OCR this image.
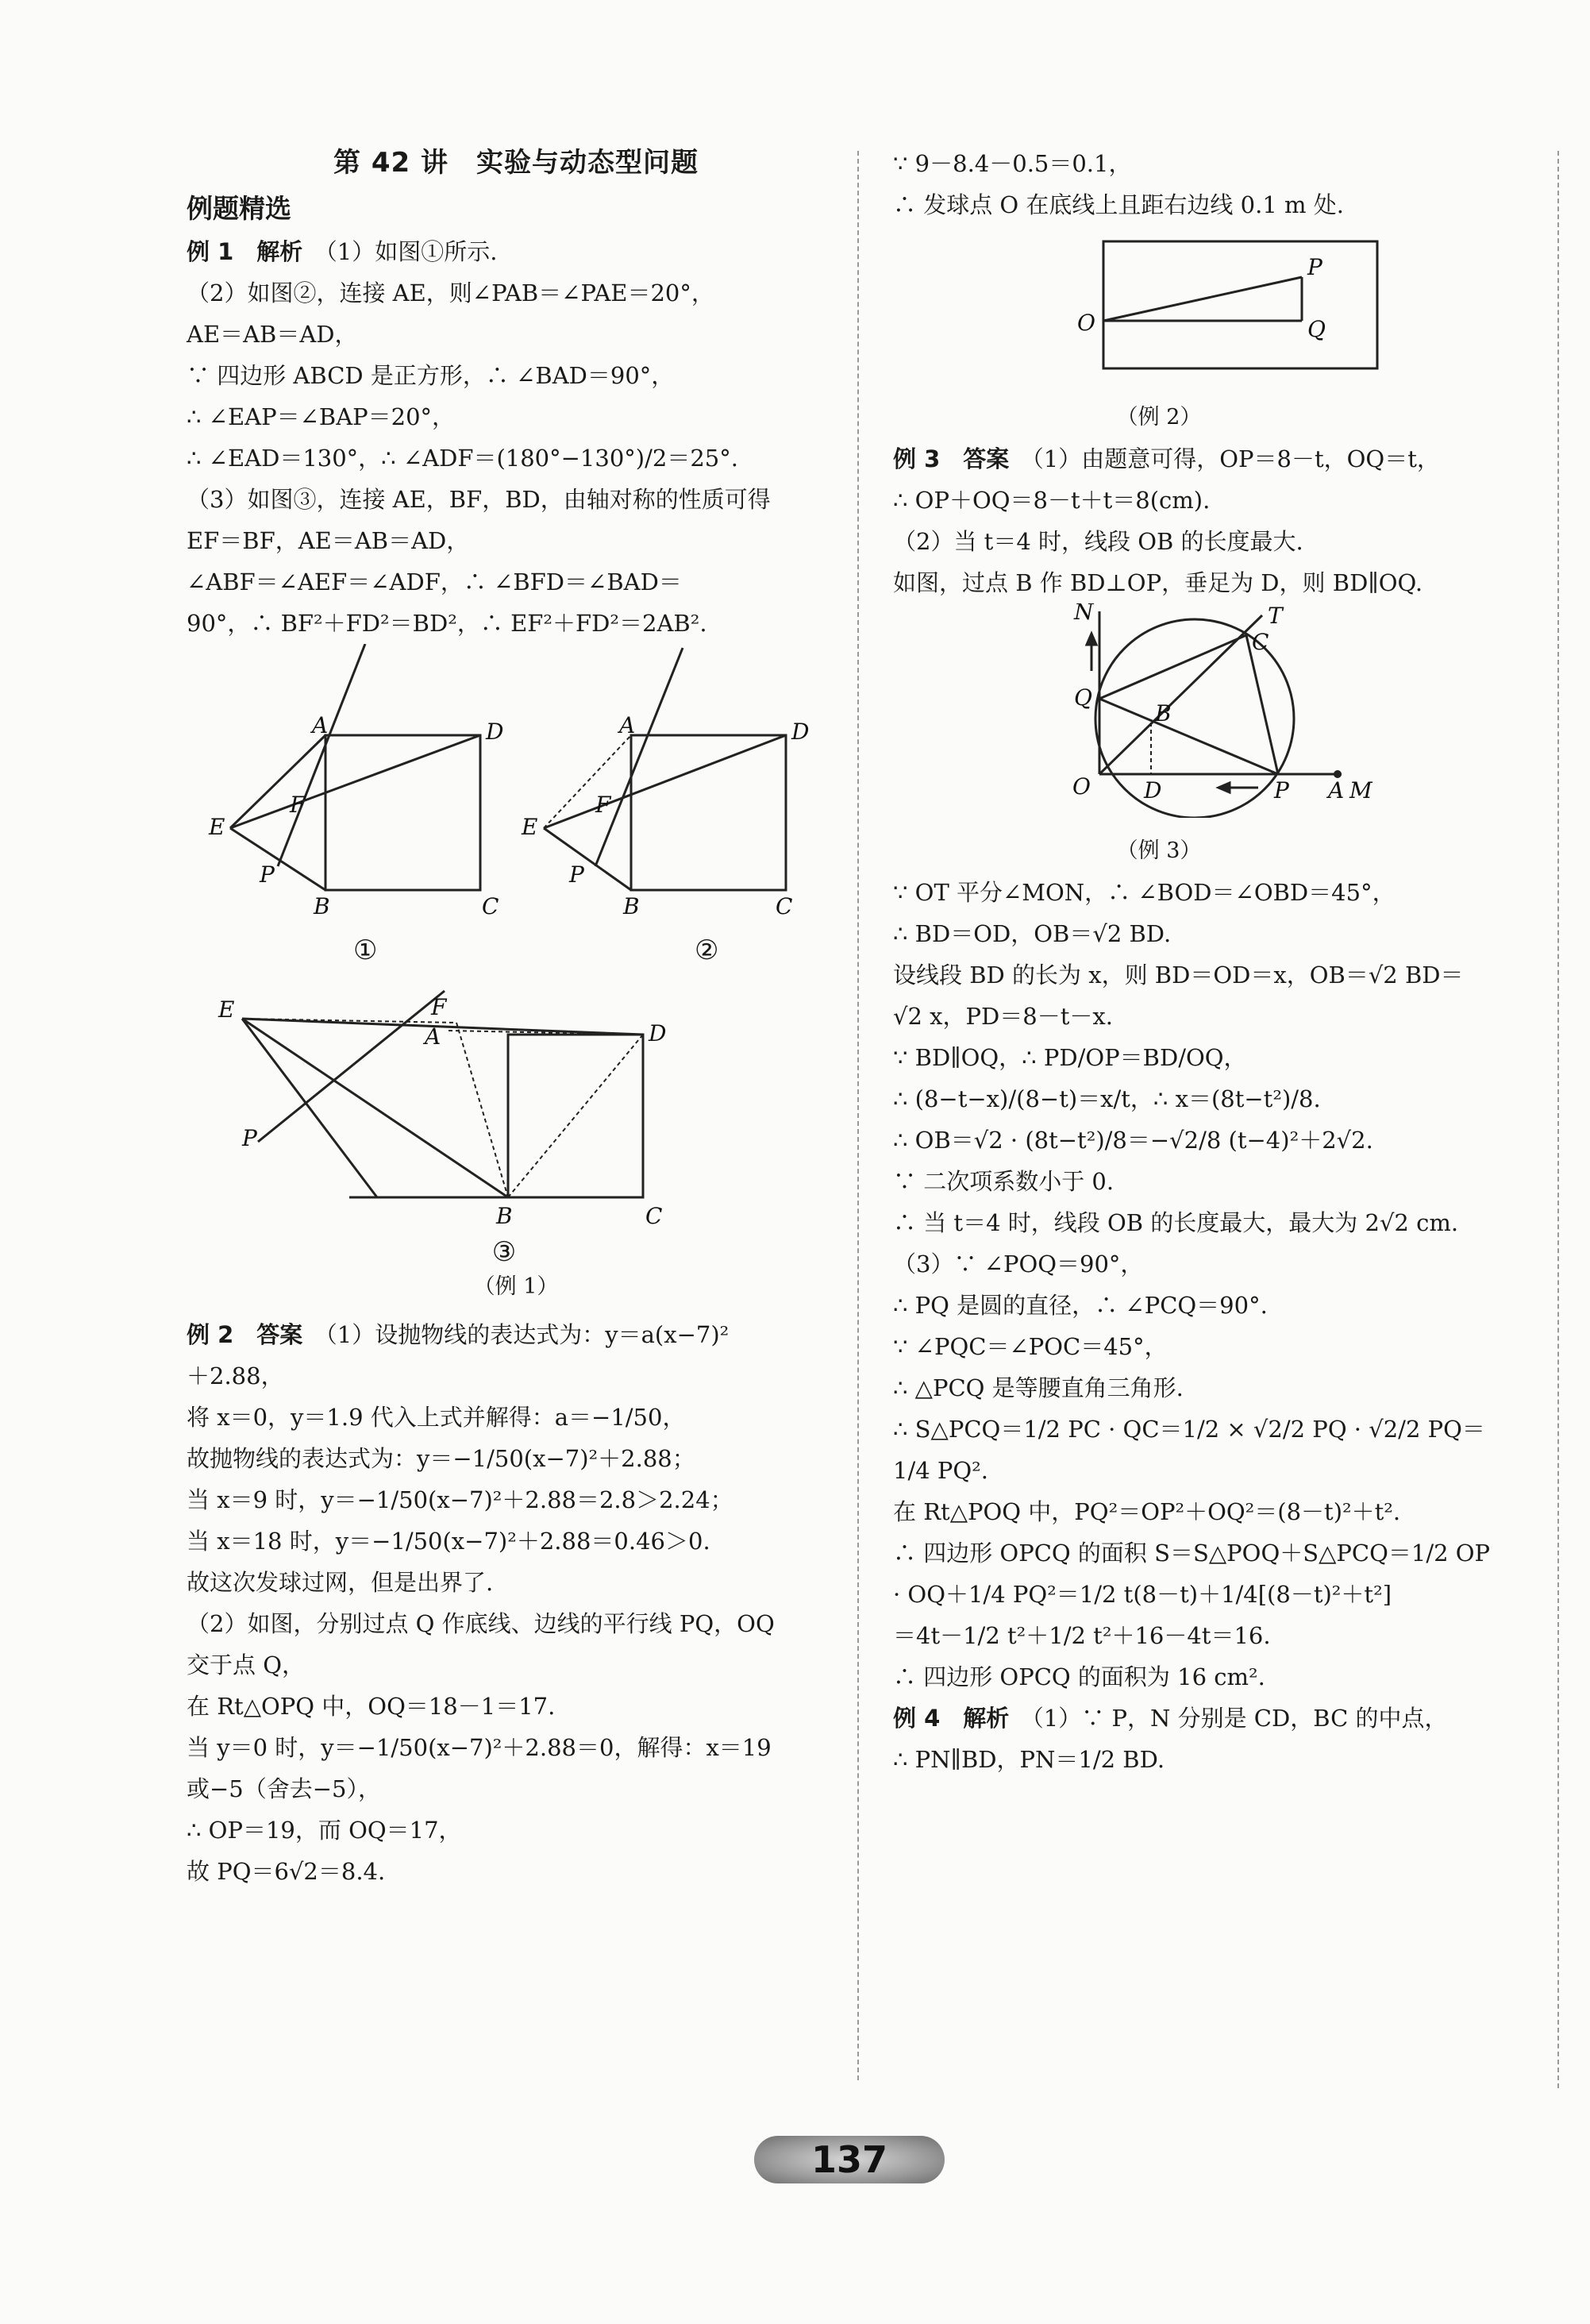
第 42 讲　实验与动态型问题
例题精选

例 1　解析　 （1）如图①所示.

（2）如图②，连接 AE，则∠PAB＝∠PAE＝20°，

AE＝AB＝AD，

∵ 四边形 ABCD 是正方形，∴ ∠BAD＝90°，

∴ ∠EAP＝∠BAP＝20°，

∴ ∠EAD＝130°，∴ ∠ADF＝(180°−130°)/2＝25°.

（3）如图③，连接 AE，BF，BD，由轴对称的性质可得

EF＝BF，AE＝AB＝AD，

∠ABF＝∠AEF＝∠ADF，∴ ∠BFD＝∠BAD＝

90°，∴ BF²＋FD²＝BD²，∴ EF²＋FD²＝2AB².

A	D
F
E
P
B	C
A	D
F
E
P
B	C
①	②
E	F
A	D
P
B	C
③
（例 1）

例 2　答案　 （1）设抛物线的表达式为：y＝a(x−7)²

＋2.88，

将 x＝0，y＝1.9 代入上式并解得：a＝−1/50，

故抛物线的表达式为：y＝−1/50(x−7)²＋2.88；

当 x＝9 时，y＝−1/50(x−7)²＋2.88＝2.8＞2.24；

当 x＝18 时，y＝−1/50(x−7)²＋2.88＝0.46＞0.

故这次发球过网，但是出界了.

（2）如图，分别过点 Q 作底线、边线的平行线 PQ，OQ

交于点 Q，

在 Rt△OPQ 中，OQ＝18－1＝17.

当 y＝0 时，y＝−1/50(x−7)²＋2.88＝0，解得：x＝19

或−5（舍去−5），

∴ OP＝19，而 OQ＝17，

故 PQ＝6√2＝8.4.

∵ 9－8.4－0.5＝0.1，

∴ 发球点 O 在底线上且距右边线 0.1 m 处.

P
O	Q
（例 2）

例 3　答案　 （1）由题意可得，OP＝8－t，OQ＝t，

∴ OP＋OQ＝8－t＋t＝8(cm).

（2）当 t＝4 时，线段 OB 的长度最大.

如图，过点 B 作 BD⊥OP，垂足为 D，则 BD∥OQ.

N	T
C
Q
B
O D	P A M
（例 3）

∵ OT 平分∠MON，∴ ∠BOD＝∠OBD＝45°，

∴ BD＝OD，OB＝√2 BD.

设线段 BD 的长为 x，则 BD＝OD＝x，OB＝√2 BD＝

√2 x，PD＝8－t－x.

∵ BD∥OQ，∴ PD/OP＝BD/OQ，

∴ (8−t−x)/(8−t)＝x/t，∴ x＝(8t−t²)/8.

∴ OB＝√2 · (8t−t²)/8＝−√2/8 (t−4)²＋2√2.

∵ 二次项系数小于 0.

∴ 当 t＝4 时，线段 OB 的长度最大，最大为 2√2 cm.

（3）∵ ∠POQ＝90°，

∴ PQ 是圆的直径，∴ ∠PCQ＝90°.

∵ ∠PQC＝∠POC＝45°，

∴ △PCQ 是等腰直角三角形.

∴ S△PCQ＝1/2 PC · QC＝1/2 × √2/2 PQ · √2/2 PQ＝

1/4 PQ².

在 Rt△POQ 中，PQ²＝OP²＋OQ²＝(8－t)²＋t².

∴ 四边形 OPCQ 的面积 S＝S△POQ＋S△PCQ＝1/2 OP

· OQ＋1/4 PQ²＝1/2 t(8－t)＋1/4[(8－t)²＋t²]

＝4t－1/2 t²＋1/2 t²＋16－4t＝16.

∴ 四边形 OPCQ 的面积为 16 cm².

例 4　解析　 （1）∵ P，N 分别是 CD，BC 的中点，

∴ PN∥BD，PN＝1/2 BD.

137
